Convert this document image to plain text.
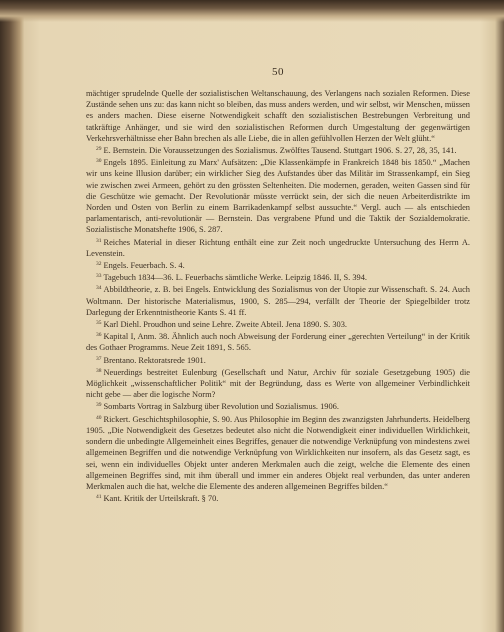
50

mächtiger sprudelnde Quelle der sozialistischen Weltanschauung, des Verlangens nach sozialen Reformen. Diese Zustände sehen uns zu: das kann nicht so bleiben, das muss anders werden, und wir selbst, wir Menschen, müssen es anders machen. Diese eiserne Notwendigkeit schafft den sozialistischen Bestrebungen Verbreitung und tatkräftige Anhänger, und sie wird den sozialistischen Reformen durch Umgestaltung der gegenwärtigen Verkehrsverhältnisse eher Bahn brechen als alle Liebe, die in allen gefühlvollen Herzen der Welt glüht.“

$^{29}$ E. Bernstein. Die Voraussetzungen des Sozialismus. Zwölftes Tausend. Stuttgart 1906. S. 27, 28, 35, 141.

$^{30}$ Engels 1895. Einleitung zu Marx' Aufsätzen: „Die Klassenkämpfe in Frankreich 1848 bis 1850.“ „Machen wir uns keine Illusion darüber; ein wirklicher Sieg des Aufstandes über das Militär im Strassenkampf, ein Sieg wie zwischen zwei Armeen, gehört zu den grössten Seltenheiten. Die modernen, geraden, weiten Gassen sind für die Geschütze wie gemacht. Der Revolutionär müsste verrückt sein, der sich die neuen Arbeiterdistrikte im Norden und Osten von Berlin zu einem Barrikadenkampf selbst aussuchte.“ Vergl. auch — als entschieden parlamentarisch, anti-revolutionär — Bernstein. Das vergrabene Pfund und die Taktik der Sozialdemokratie. Sozialistische Monatshefte 1906, S. 287.

$^{31}$ Reiches Material in dieser Richtung enthält eine zur Zeit noch ungedruckte Untersuchung des Herrn A. Levenstein.

$^{32}$ Engels. Feuerbach. S. 4.

$^{33}$ Tagebuch 1834—36. L. Feuerbachs sämtliche Werke. Leipzig 1846. II, S. 394.

$^{34}$ Abbildtheorie, z. B. bei Engels. Entwicklung des Sozialismus von der Utopie zur Wissenschaft. S. 24. Auch Woltmann. Der historische Materialismus, 1900, S. 285—294, verfällt der Theorie der Spiegelbilder trotz Darlegung der Erkenntnistheorie Kants S. 41 ff.

$^{35}$ Karl Diehl. Proudhon und seine Lehre. Zweite Abteil. Jena 1890. S. 303.

$^{36}$ Kapital I, Anm. 38. Ähnlich auch noch Abweisung der Forderung einer „gerechten Verteilung“ in der Kritik des Gothaer Programms. Neue Zeit 1891, S. 565.

$^{37}$ Brentano. Rektoratsrede 1901.

$^{38}$ Neuerdings bestreitet Eulenburg (Gesellschaft und Natur, Archiv für soziale Gesetzgebung 1905) die Möglichkeit „wissenschaftlicher Politik“ mit der Begründung, dass es Werte von allgemeiner Verbindlichkeit nicht gebe — aber die logische Norm?

$^{39}$ Sombarts Vortrag in Salzburg über Revolution und Sozialismus. 1906.

$^{40}$ Rickert. Geschichtsphilosophie, S. 90. Aus Philosophie im Beginn des zwanzigsten Jahrhunderts. Heidelberg 1905. „Die Notwendigkeit des Gesetzes bedeutet also nicht die Notwendigkeit einer individuellen Wirklichkeit, sondern die unbedingte Allgemeinheit eines Begriffes, genauer die notwendige Verknüpfung von mindestens zwei allgemeinen Begriffen und die notwendige Verknüpfung von Wirklichkeiten nur insofern, als das Gesetz sagt, es sei, wenn ein individuelles Objekt unter anderen Merkmalen auch die zeigt, welche die Elemente des einen allgemeinen Begriffes sind, mit ihm überall und immer ein anderes Objekt real verbunden, das unter anderen Merkmalen auch die hat, welche die Elemente des anderen allgemeinen Begriffes bilden.“

$^{41}$ Kant. Kritik der Urteilskraft. § 70.
